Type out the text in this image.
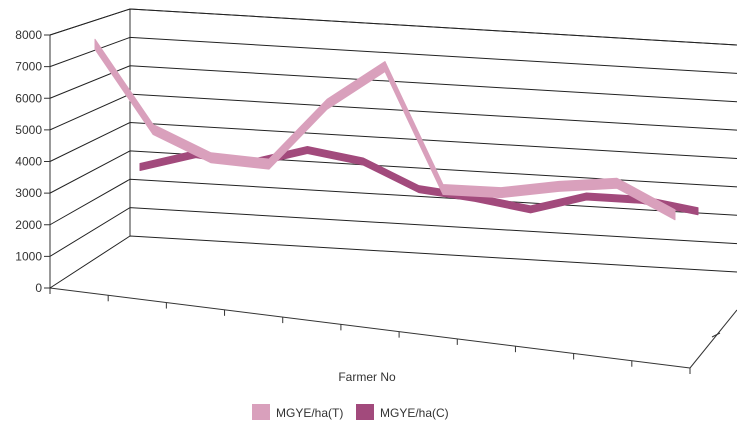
0
1000
2000
3000
4000
5000
6000
7000
8000
Farmer No
MGYE/ha(T)	MGYE/ha(C)
